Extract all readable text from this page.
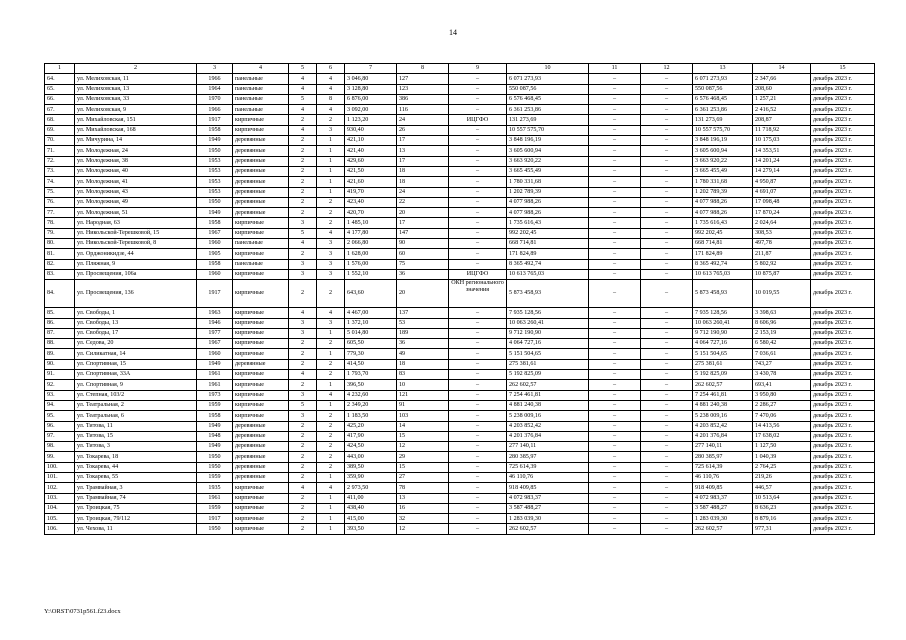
14
1	2	3	4	5	6	7	8	9	10	11	12	13	14	15
64.	ул. Мелиховская, 11	1966	панельные	4	4	3 046,80	127	–	6 071 273,93	–	–	6 071 273,93	2 347,66	декабрь 2023 г.
65.	ул. Мелиховская, 13	1964	панельные	4	4	3 128,80	123	–	550 087,56	–	–	550 087,56	208,60	декабрь 2023 г.
66.	ул. Мелиховская, 33	1970	панельные	5	8	6 876,00	386	–	6 576 468,45	–	–	6 576 468,45	1 257,21	декабрь 2023 г.
67.	ул. Мелиховская, 9	1966	панельные	4	4	3 092,00	116	–	6 361 253,86	–	–	6 361 253,86	2 416,52	декабрь 2023 г.
68.	ул. Михайловская, 151	1917	кирпичные	2	2	1 123,20	24	ИЦГФО	131 273,69	–	–	131 273,69	208,87	декабрь 2023 г.
69.	ул. Михайловская, 168	1958	кирпичные	4	3	930,40	26	–	10 557 575,70	–	–	10 557 575,70	11 718,92	декабрь 2023 г.
70.	ул. Мичурина, 14	1949	деревянные	2	1	421,10	17	–	3 848 196,19	–	–	3 848 196,19	10 175,03	декабрь 2023 г.
71.	ул. Молодежная, 24	1950	деревянные	2	1	421,40	13	–	3 605 600,94	–	–	3 605 600,94	14 353,51	декабрь 2023 г.
72.	ул. Молодежная, 38	1953	деревянные	2	1	429,60	17	–	3 663 920,22	–	–	3 663 920,22	14 201,24	декабрь 2023 г.
73.	ул. Молодежная, 40	1953	деревянные	2	1	421,50	18	–	3 665 455,49	–	–	3 665 455,49	14 279,14	декабрь 2023 г.
74.	ул. Молодежная, 41	1953	деревянные	2	1	421,60	18	–	1 780 331,68	–	–	1 780 331,68	4 950,87	декабрь 2023 г.
75.	ул. Молодежная, 43	1953	деревянные	2	1	419,70	24	–	1 202 789,39	–	–	1 202 789,39	4 691,07	декабрь 2023 г.
76.	ул. Молодежная, 49	1950	деревянные	2	2	423,40	22	–	4 077 988,26	–	–	4 077 988,26	17 098,48	декабрь 2023 г.
77.	ул. Молодежная, 51	1949	деревянные	2	2	420,70	20	–	4 077 988,26	–	–	4 077 988,26	17 870,24	декабрь 2023 г.
78.	ул. Народная, 63	1958	кирпичные	3	2	1 485,10	17	–	1 735 616,43	–	–	1 735 616,43	2 024,64	декабрь 2023 г.
79.	ул. Никольской-Терешковой, 15	1967	кирпичные	5	4	4 177,80	147	–	992 202,45	–	–	992 202,45	308,53	декабрь 2023 г.
80.	ул. Никольской-Терешковой, 8	1960	панельные	4	3	2 066,80	90	–	668 714,81	–	–	668 714,81	497,78	декабрь 2023 г.
81.	ул. Орджоникидзе, 44	1905	кирпичные	2	3	1 628,00	60	–	171 824,89	–	–	171 824,89	211,87	декабрь 2023 г.
82.	ул. Пляжная, 9	1958	панельные	3	3	1 576,00	75	–	8 365 492,74	–	–	8 365 492,74	5 802,92	декабрь 2023 г.
83.	ул. Просвещения, 106а	1960	кирпичные	3	3	1 552,10	36	ИЦГФО	10 613 765,03	–	–	10 613 765,03	10 875,87	декабрь 2023 г.
84.	ул. Просвещения, 136	1917	кирпичные	2	2	643,60	20	ОКН регионального значения	5 873 458,93	–	–	5 873 458,93	10 019,55	декабрь 2023 г.
85.	ул. Свободы, 1	1963	кирпичные	4	4	4 467,00	137	–	7 935 128,56	–	–	7 935 128,56	3 398,63	декабрь 2023 г.
86.	ул. Свободы, 13	1946	кирпичные	3	3	1 372,10	53	–	10 063 260,41	–	–	10 063 260,41	8 606,96	декабрь 2023 г.
87.	ул. Свободы, 17	1977	кирпичные	3	1	5 014,80	189	–	9 712 190,90	–	–	9 712 190,90	2 153,19	декабрь 2023 г.
88.	ул. Седова, 20	1967	кирпичные	2	2	605,50	36	–	4 064 727,16	–	–	4 064 727,16	6 580,42	декабрь 2023 г.
89.	ул. Силикатная, 14	1960	кирпичные	2	1	779,30	49	–	5 151 504,65	–	–	5 151 504,65	7 036,61	декабрь 2023 г.
90.	ул. Спортивная, 15	1949	деревянные	2	2	414,50	18	–	275 381,61	–	–	275 381,61	743,27	декабрь 2023 г.
91.	ул. Спортивная, 33А	1961	кирпичные	4	2	1 793,70	83	–	5 192 825,09	–	–	5 192 825,09	3 430,78	декабрь 2023 г.
92.	ул. Спортивная, 9	1961	кирпичные	2	1	396,50	10	–	262 602,57	–	–	262 602,57	693,41	декабрь 2023 г.
93.	ул. Степная, 103/2	1973	кирпичные	3	4	4 232,60	121	–	7 254 461,81	–	–	7 254 461,81	3 950,80	декабрь 2023 г.
94.	ул. Театральная, 2	1959	кирпичные	5	1	2 349,20	91	–	4 881 240,38	–	–	4 881 240,38	2 286,27	декабрь 2023 г.
95.	ул. Театральная, 6	1958	кирпичные	3	2	1 183,50	103	–	5 238 009,16	–	–	5 238 009,16	7 470,06	декабрь 2023 г.
96.	ул. Титова, 11	1949	деревянные	2	2	425,20	14	–	4 203 852,42	–	–	4 203 852,42	14 413,56	декабрь 2023 г.
97.	ул. Титова, 15	1948	деревянные	2	2	417,90	15	–	4 201 376,84	–	–	4 201 376,84	17 638,02	декабрь 2023 г.
98.	ул. Титова, 3	1949	деревянные	2	2	424,50	12	–	277 140,11	–	–	277 140,11	1 127,50	декабрь 2023 г.
99.	ул. Токарева, 18	1950	деревянные	2	2	443,00	29	–	280 385,97	–	–	280 385,97	1 040,39	декабрь 2023 г.
100.	ул. Токарева, 44	1950	деревянные	2	2	389,50	15	–	725 614,39	–	–	725 614,39	2 764,25	декабрь 2023 г.
101.	ул. Токарева, 55	1959	деревянные	2	1	359,90	27	–	46 110,76	–	–	46 110,76	219,26	декабрь 2023 г.
102.	ул. Трамвайная, 3	1935	кирпичные	4	4	2 973,50	78	–	918 409,85	–	–	918 409,85	446,57	декабрь 2023 г.
103.	ул. Трамвайная, 74	1961	кирпичные	2	1	411,00	13	–	4 072 983,37	–	–	4 072 983,37	10 513,64	декабрь 2023 г.
104.	ул. Троицкая, 75	1959	кирпичные	2	1	438,40	16	–	3 587 488,27	–	–	3 587 488,27	8 636,23	декабрь 2023 г.
105.	ул. Троицкая, 79/112	1917	кирпичные	2	1	415,00	32	–	1 283 039,30	–	–	1 283 039,30	8 879,16	декабрь 2023 г.
106.	ул. Чехова, 11	1950	кирпичные	2	1	393,50	12	–	262 602,57	–	–	262 602,57	977,31	декабрь 2023 г.
Y:\ORST\0731p561.f23.docx
